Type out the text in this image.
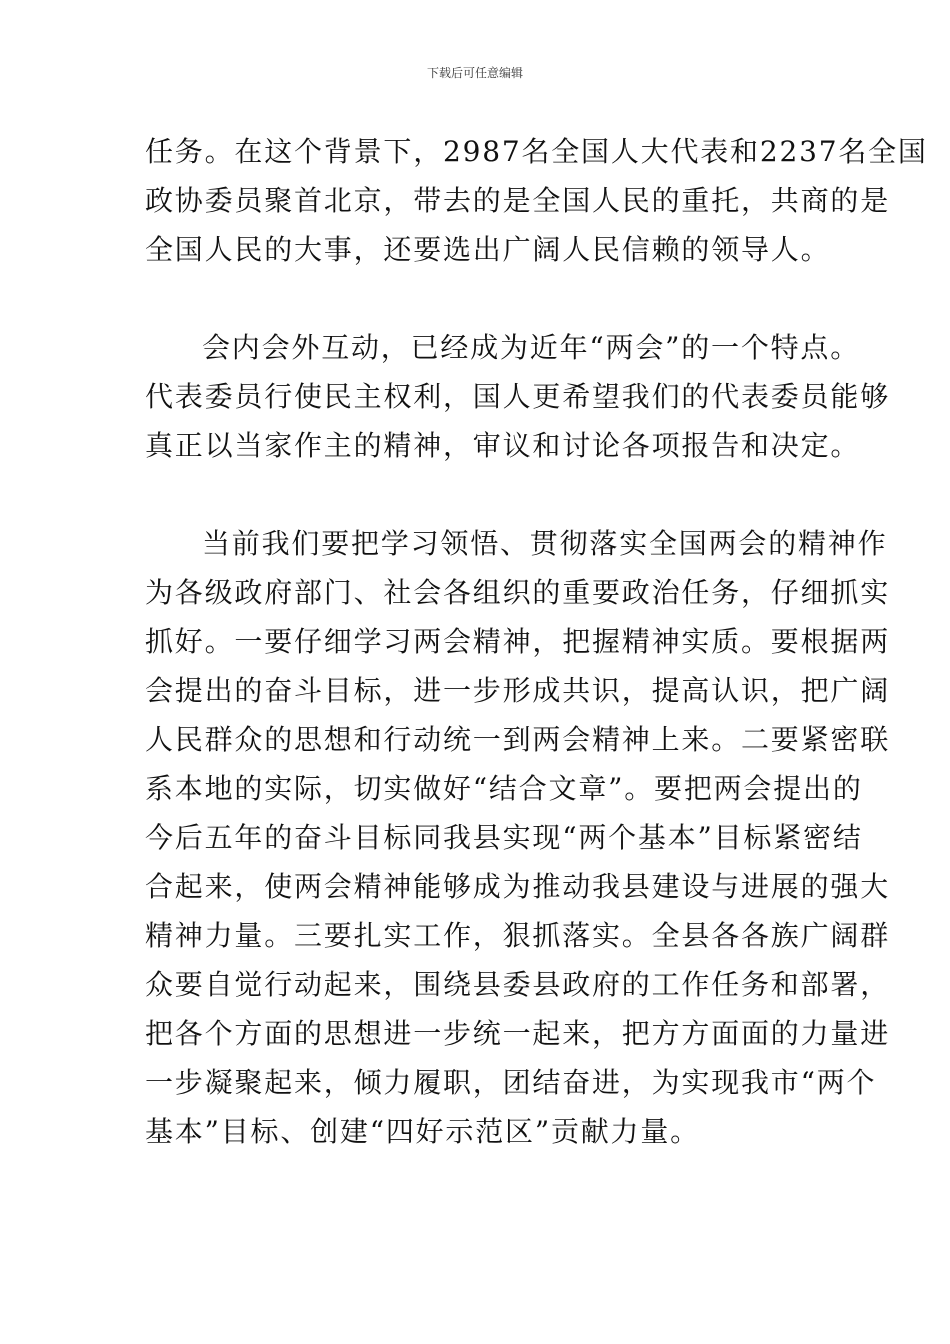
下载后可任意编辑
任务。在这个背景下，2987名全国人大代表和2237名全国
政协委员聚首北京，带去的是全国人民的重托，共商的是
全国人民的大事，还要选出广阔人民信赖的领导人。
会内会外互动，已经成为近年“两会”的一个特点。
代表委员行使民主权利，国人更希望我们的代表委员能够
真正以当家作主的精神，审议和讨论各项报告和决定。
当前我们要把学习领悟、贯彻落实全国两会的精神作
为各级政府部门、社会各组织的重要政治任务，仔细抓实
抓好。一要仔细学习两会精神，把握精神实质。要根据两
会提出的奋斗目标，进一步形成共识，提高认识，把广阔
人民群众的思想和行动统一到两会精神上来。二要紧密联
系本地的实际，切实做好“结合文章”。要把两会提出的
今后五年的奋斗目标同我县实现“两个基本”目标紧密结
合起来，使两会精神能够成为推动我县建设与进展的强大
精神力量。三要扎实工作，狠抓落实。全县各各族广阔群
众要自觉行动起来，围绕县委县政府的工作任务和部署，
把各个方面的思想进一步统一起来，把方方面面的力量进
一步凝聚起来，倾力履职，团结奋进，为实现我市“两个
基本”目标、创建“四好示范区”贡献力量。
